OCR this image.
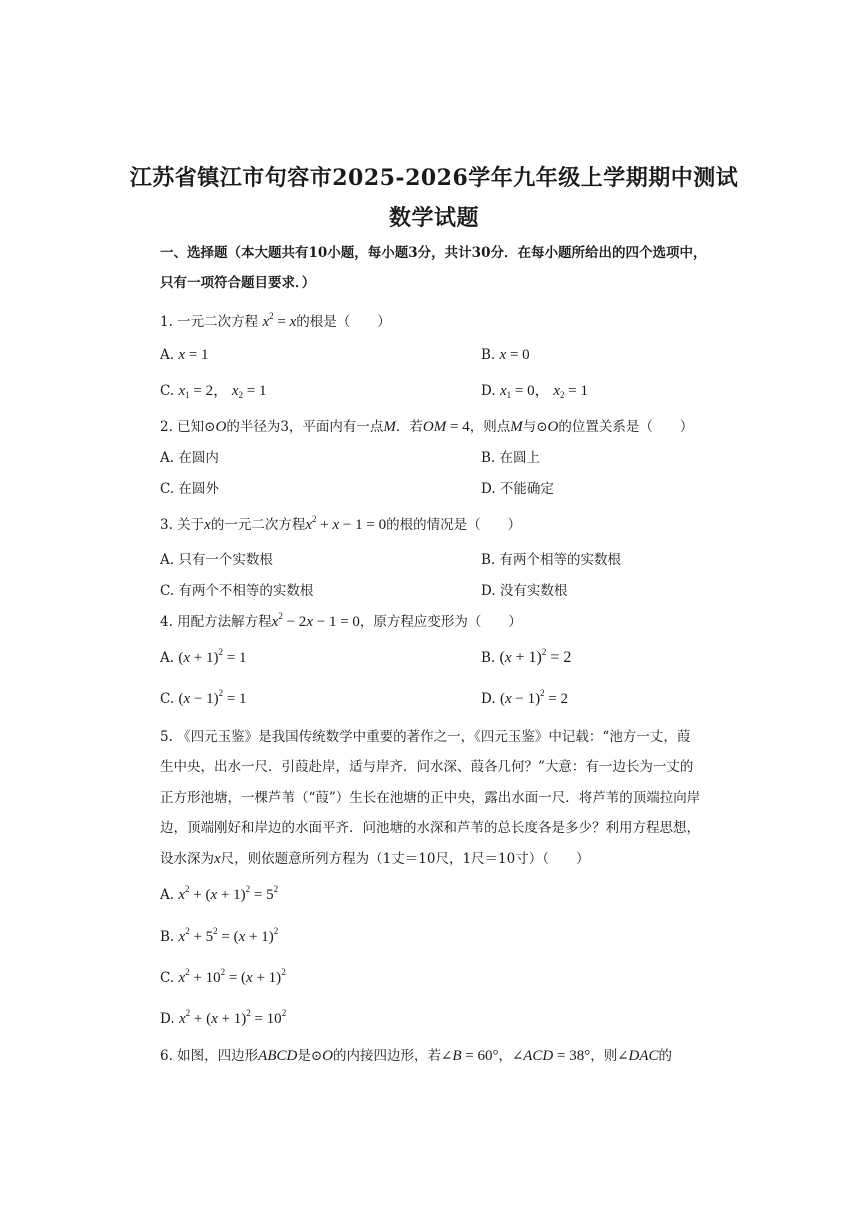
江苏省镇江市句容市2025-2026学年九年级上学期期中测试
数学试题
一、选择题（本大题共有10小题，每小题3分，共计30分．在每小题所给出的四个选项中，
只有一项符合题目要求．）
1. 一元二次方程 $x^2 = x$的根是（　　）
A. x = 1	B. x = 0
C. $x_1 = 2$， $x_2 = 1$	D. $x_1 = 0$， $x_2 = 1$
2. 已知⊙O的半径为3，平面内有一点M．若OM = 4，则点M与⊙O的位置关系是（　　）
A. 在圆内	B. 在圆上
C. 在圆外	D. 不能确定
3. 关于x的一元二次方程$x^2 + x - 1 = 0$的根的情况是（　　）
A. 只有一个实数根	B. 有两个相等的实数根
C. 有两个不相等的实数根	D. 没有实数根
4. 用配方法解方程$x^2 - 2x - 1 = 0$，原方程应变形为（　　）
A. $(x + 1)^2 = 1$	B. $(x + 1)^2 = 2$
C. $(x - 1)^2 = 1$	D. $(x - 1)^2 = 2$
5. 《四元玉鉴》是我国传统数学中重要的著作之一，《四元玉鉴》中记载：“池方一丈，葭
生中央，出水一尺．引葭赴岸，适与岸齐．问水深、葭各几何？”大意：有一边长为一丈的
正方形池塘，一棵芦苇（“葭”）生长在池塘的正中央，露出水面一尺．将芦苇的顶端拉向岸
边，顶端刚好和岸边的水面平齐．问池塘的水深和芦苇的总长度各是多少？利用方程思想，
设水深为x尺，则依题意所列方程为（1丈＝10尺，1尺＝10寸）（　　）
A. $x^2 + (x + 1)^2 = 5^2$
B. $x^2 + 5^2 = (x + 1)^2$
C. $x^2 + 10^2 = (x + 1)^2$
D. $x^2 + (x + 1)^2 = 10^2$
6. 如图，四边形ABCD是⊙O的内接四边形，若∠B = 60°，∠ACD = 38°，则∠DAC的
